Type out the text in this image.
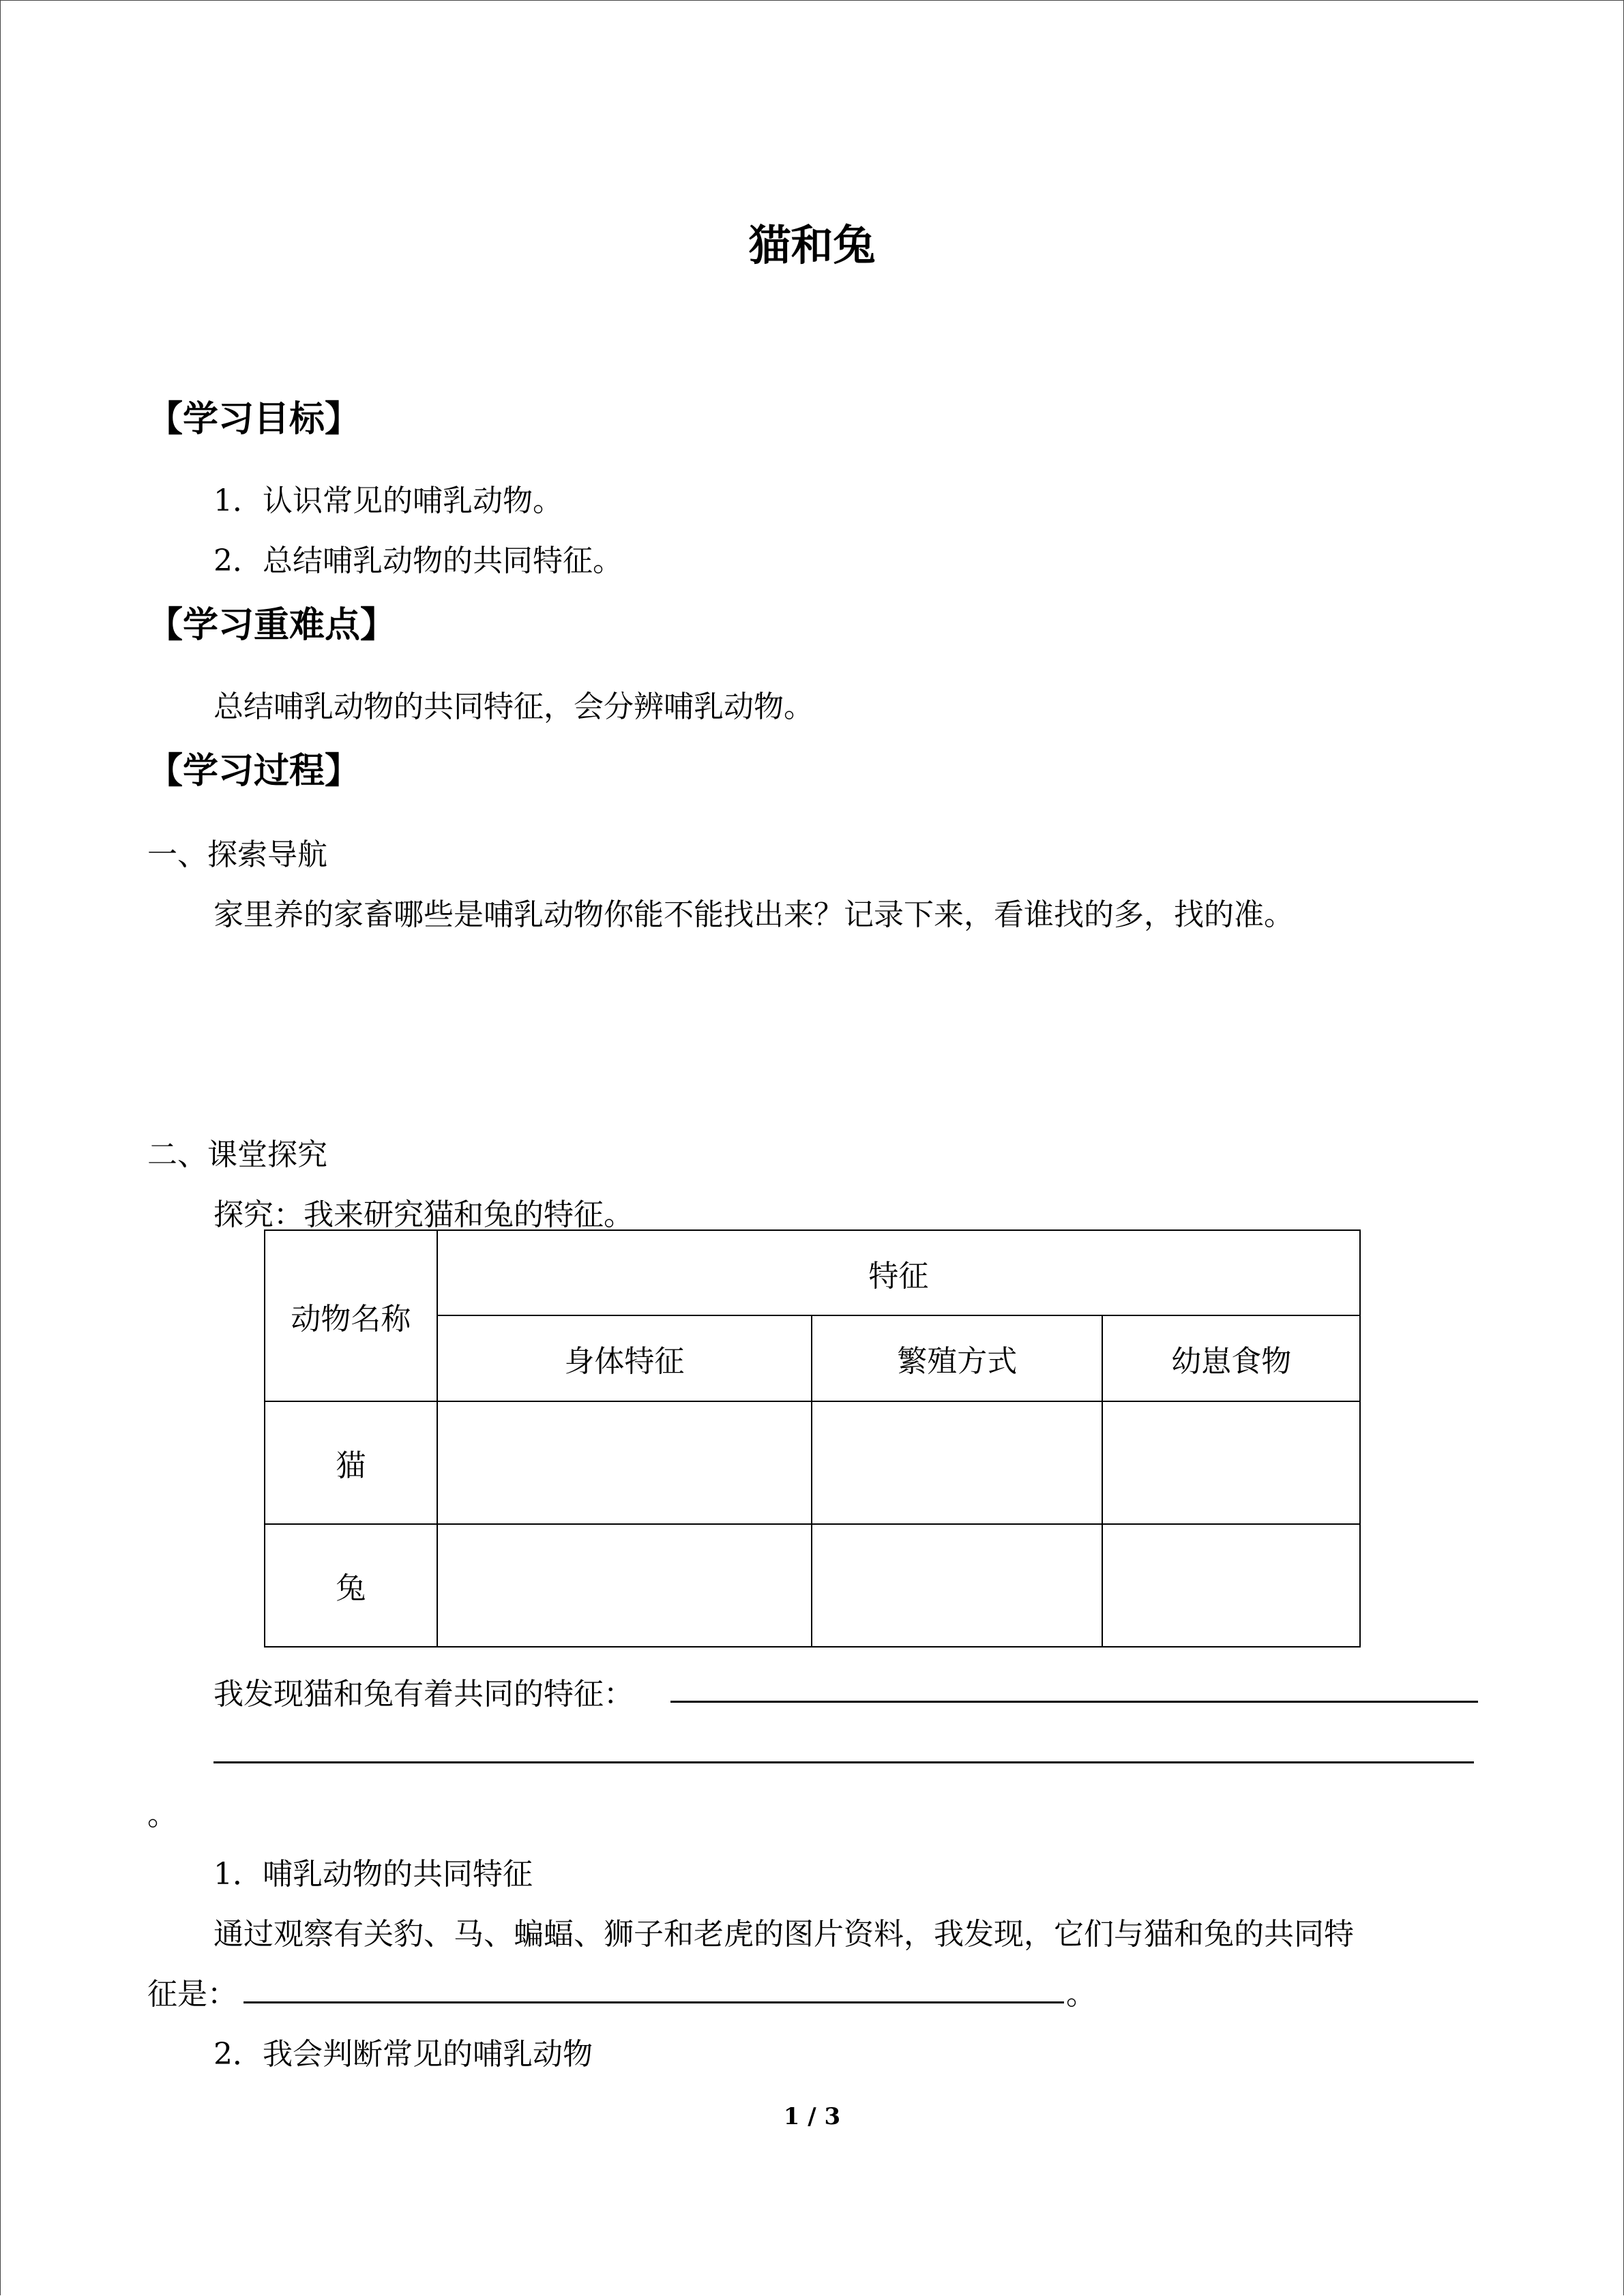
猫和兔
【学习目标】
1．认识常见的哺乳动物。
2．总结哺乳动物的共同特征。
【学习重难点】
总结哺乳动物的共同特征，会分辨哺乳动物。
【学习过程】
一、探索导航
家里养的家畜哪些是哺乳动物你能不能找出来？记录下来，看谁找的多，找的准。
二、课堂探究
探究：我来研究猫和兔的特征。
动物名称	特征		
	身体特征	繁殖方式	幼崽食物
猫			
兔			
我发现猫和兔有着共同的特征：
。
1．哺乳动物的共同特征
通过观察有关豹、马、蝙蝠、狮子和老虎的图片资料，我发现，它们与猫和兔的共同特
征是：	。
2．我会判断常见的哺乳动物
1 / 3
